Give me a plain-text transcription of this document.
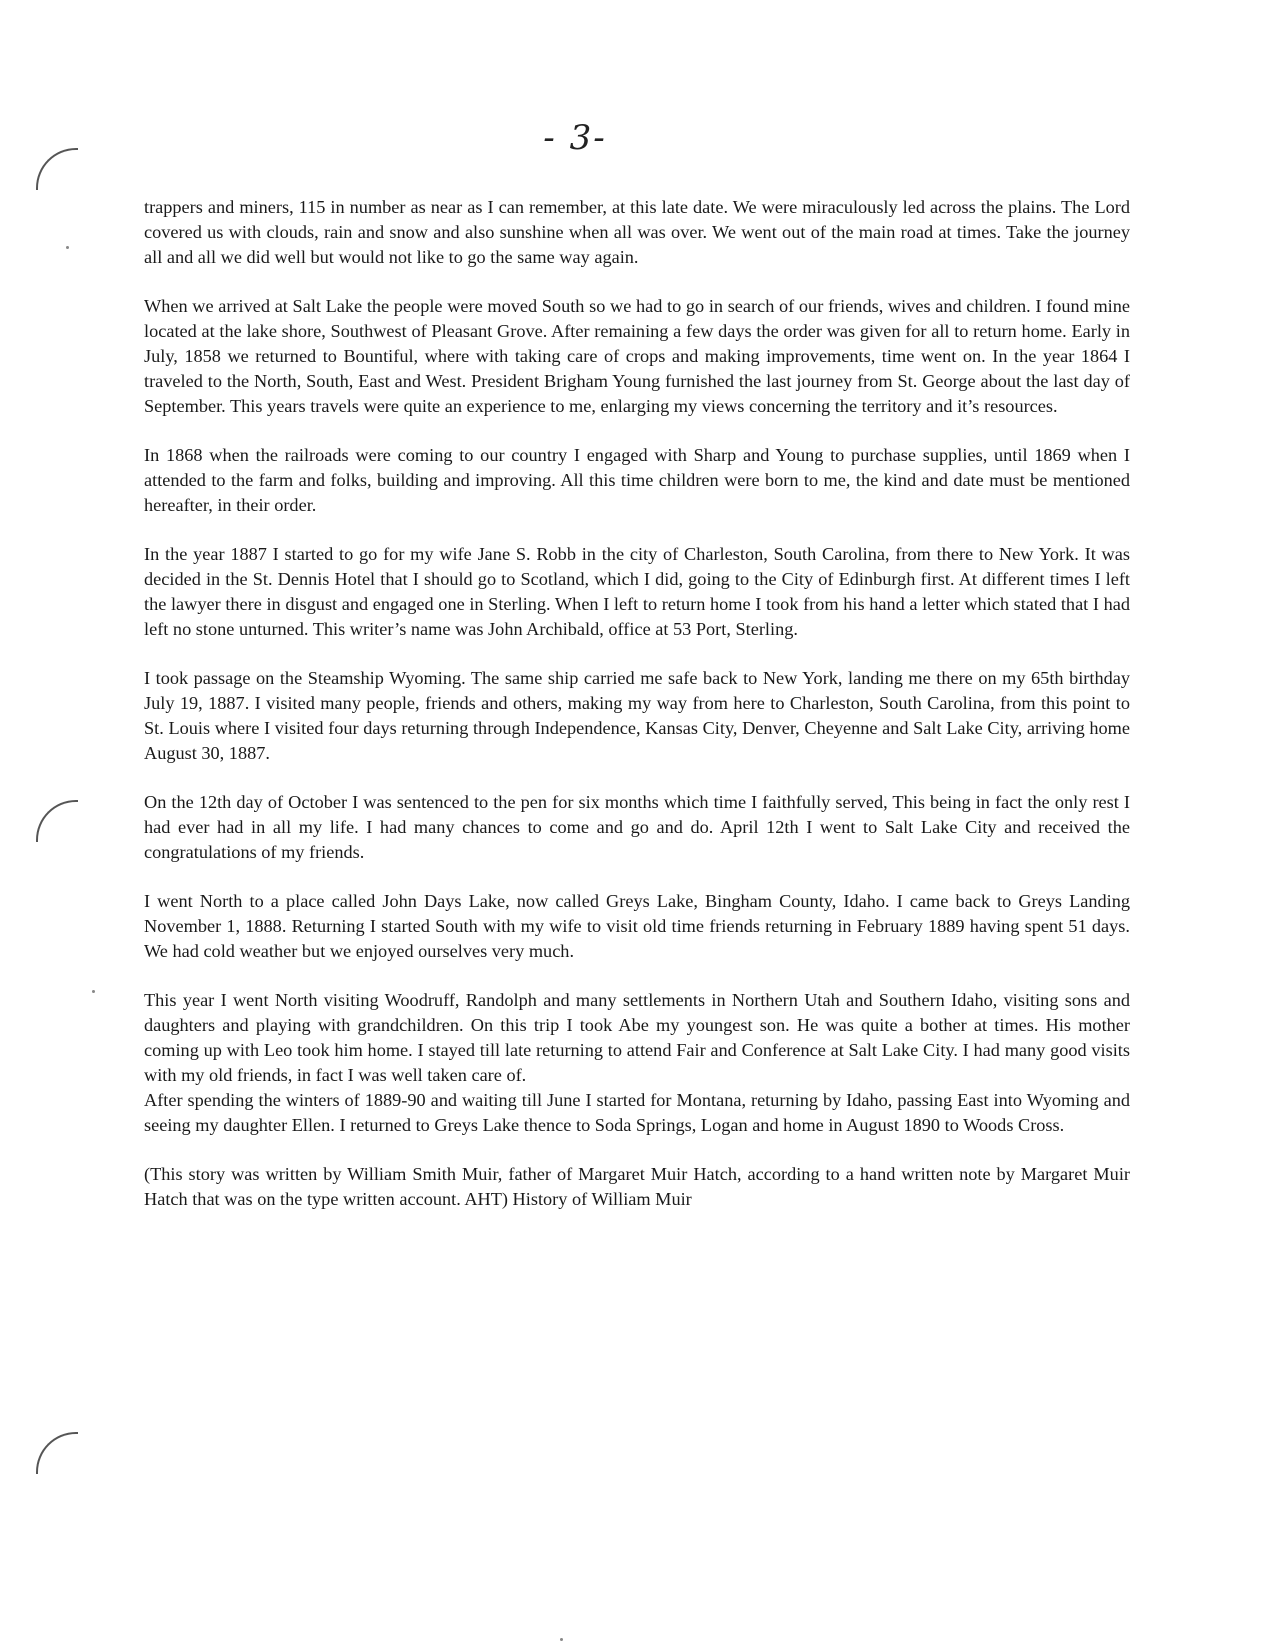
- 3-

trappers and miners, 115 in number as near as I can remember, at this late date. We were miraculously led across the plains. The Lord covered us with clouds, rain and snow and also sunshine when all was over. We went out of the main road at times. Take the journey all and all we did well but would not like to go the same way again.

When we arrived at Salt Lake the people were moved South so we had to go in search of our friends, wives and children. I found mine located at the lake shore, Southwest of Pleasant Grove. After remaining a few days the order was given for all to return home. Early in July, 1858 we returned to Bountiful, where with taking care of crops and making improvements, time went on. In the year 1864 I traveled to the North, South, East and West. President Brigham Young furnished the last journey from St. George about the last day of September. This years travels were quite an experience to me, enlarging my views concerning the territory and it’s resources.

In 1868 when the railroads were coming to our country I engaged with Sharp and Young to purchase supplies, until 1869 when I attended to the farm and folks, building and improving. All this time children were born to me, the kind and date must be mentioned hereafter, in their order.

In the year 1887 I started to go for my wife Jane S. Robb in the city of Charleston, South Carolina, from there to New York. It was decided in the St. Dennis Hotel that I should go to Scotland, which I did, going to the City of Edinburgh first. At different times I left the lawyer there in disgust and engaged one in Sterling. When I left to return home I took from his hand a letter which stated that I had left no stone unturned. This writer’s name was John Archibald, office at 53 Port, Sterling.

I took passage on the Steamship Wyoming. The same ship carried me safe back to New York, landing me there on my 65th birthday July 19, 1887. I visited many people, friends and others, making my way from here to Charleston, South Carolina, from this point to St. Louis where I visited four days returning through Independence, Kansas City, Denver, Cheyenne and Salt Lake City, arriving home August 30, 1887.

On the 12th day of October I was sentenced to the pen for six months which time I faithfully served, This being in fact the only rest I had ever had in all my life. I had many chances to come and go and do. April 12th I went to Salt Lake City and received the congratulations of my friends.

I went North to a place called John Days Lake, now called Greys Lake, Bingham County, Idaho. I came back to Greys Landing November 1, 1888. Returning I started South with my wife to visit old time friends returning in February 1889 having spent 51 days. We had cold weather but we enjoyed ourselves very much.

This year I went North visiting Woodruff, Randolph and many settlements in Northern Utah and Southern Idaho, visiting sons and daughters and playing with grandchildren. On this trip I took Abe my youngest son. He was quite a bother at times. His mother coming up with Leo took him home. I stayed till late returning to attend Fair and Conference at Salt Lake City. I had many good visits with my old friends, in fact I was well taken care of.

After spending the winters of 1889-90 and waiting till June I started for Montana, returning by Idaho, passing East into Wyoming and seeing my daughter Ellen. I returned to Greys Lake thence to Soda Springs, Logan and home in August 1890 to Woods Cross.

(This story was written by William Smith Muir, father of Margaret Muir Hatch, according to a hand written note by Margaret Muir Hatch that was on the type written account. AHT) History of William Muir
